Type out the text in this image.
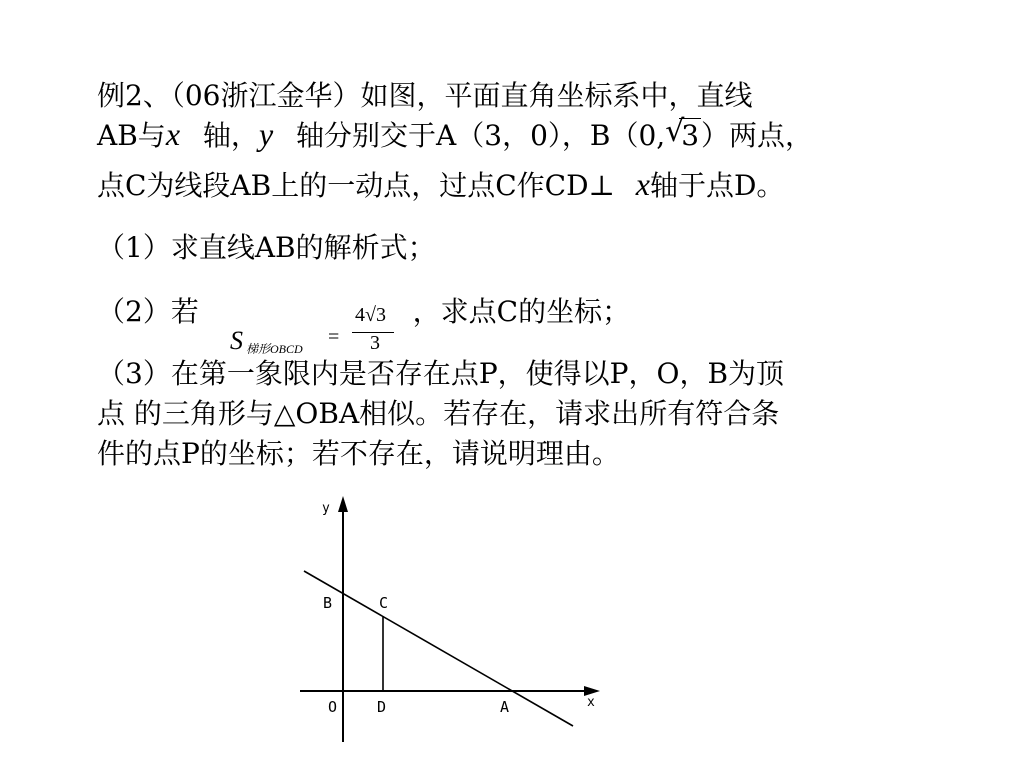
例2、（06浙江金华）如图，平面直角坐标系中，直线
AB与x 轴，y 轴分别交于A（3，0），B（0, √
3）两点，
点C为线段AB上的一动点，过点C作CD⊥ x轴于点D。
（1）求直线AB的解析式；
（2）若	，求点C的坐标；
S 梯形OBCD
=
4√3
3
（3）在第一象限内是否存在点P，使得以P，O，B为顶
点 的三角形与△OBA相似。若存在，请求出所有符合条
件的点P的坐标；若不存在，请说明理由。
y
B	C
O	D	A	x
